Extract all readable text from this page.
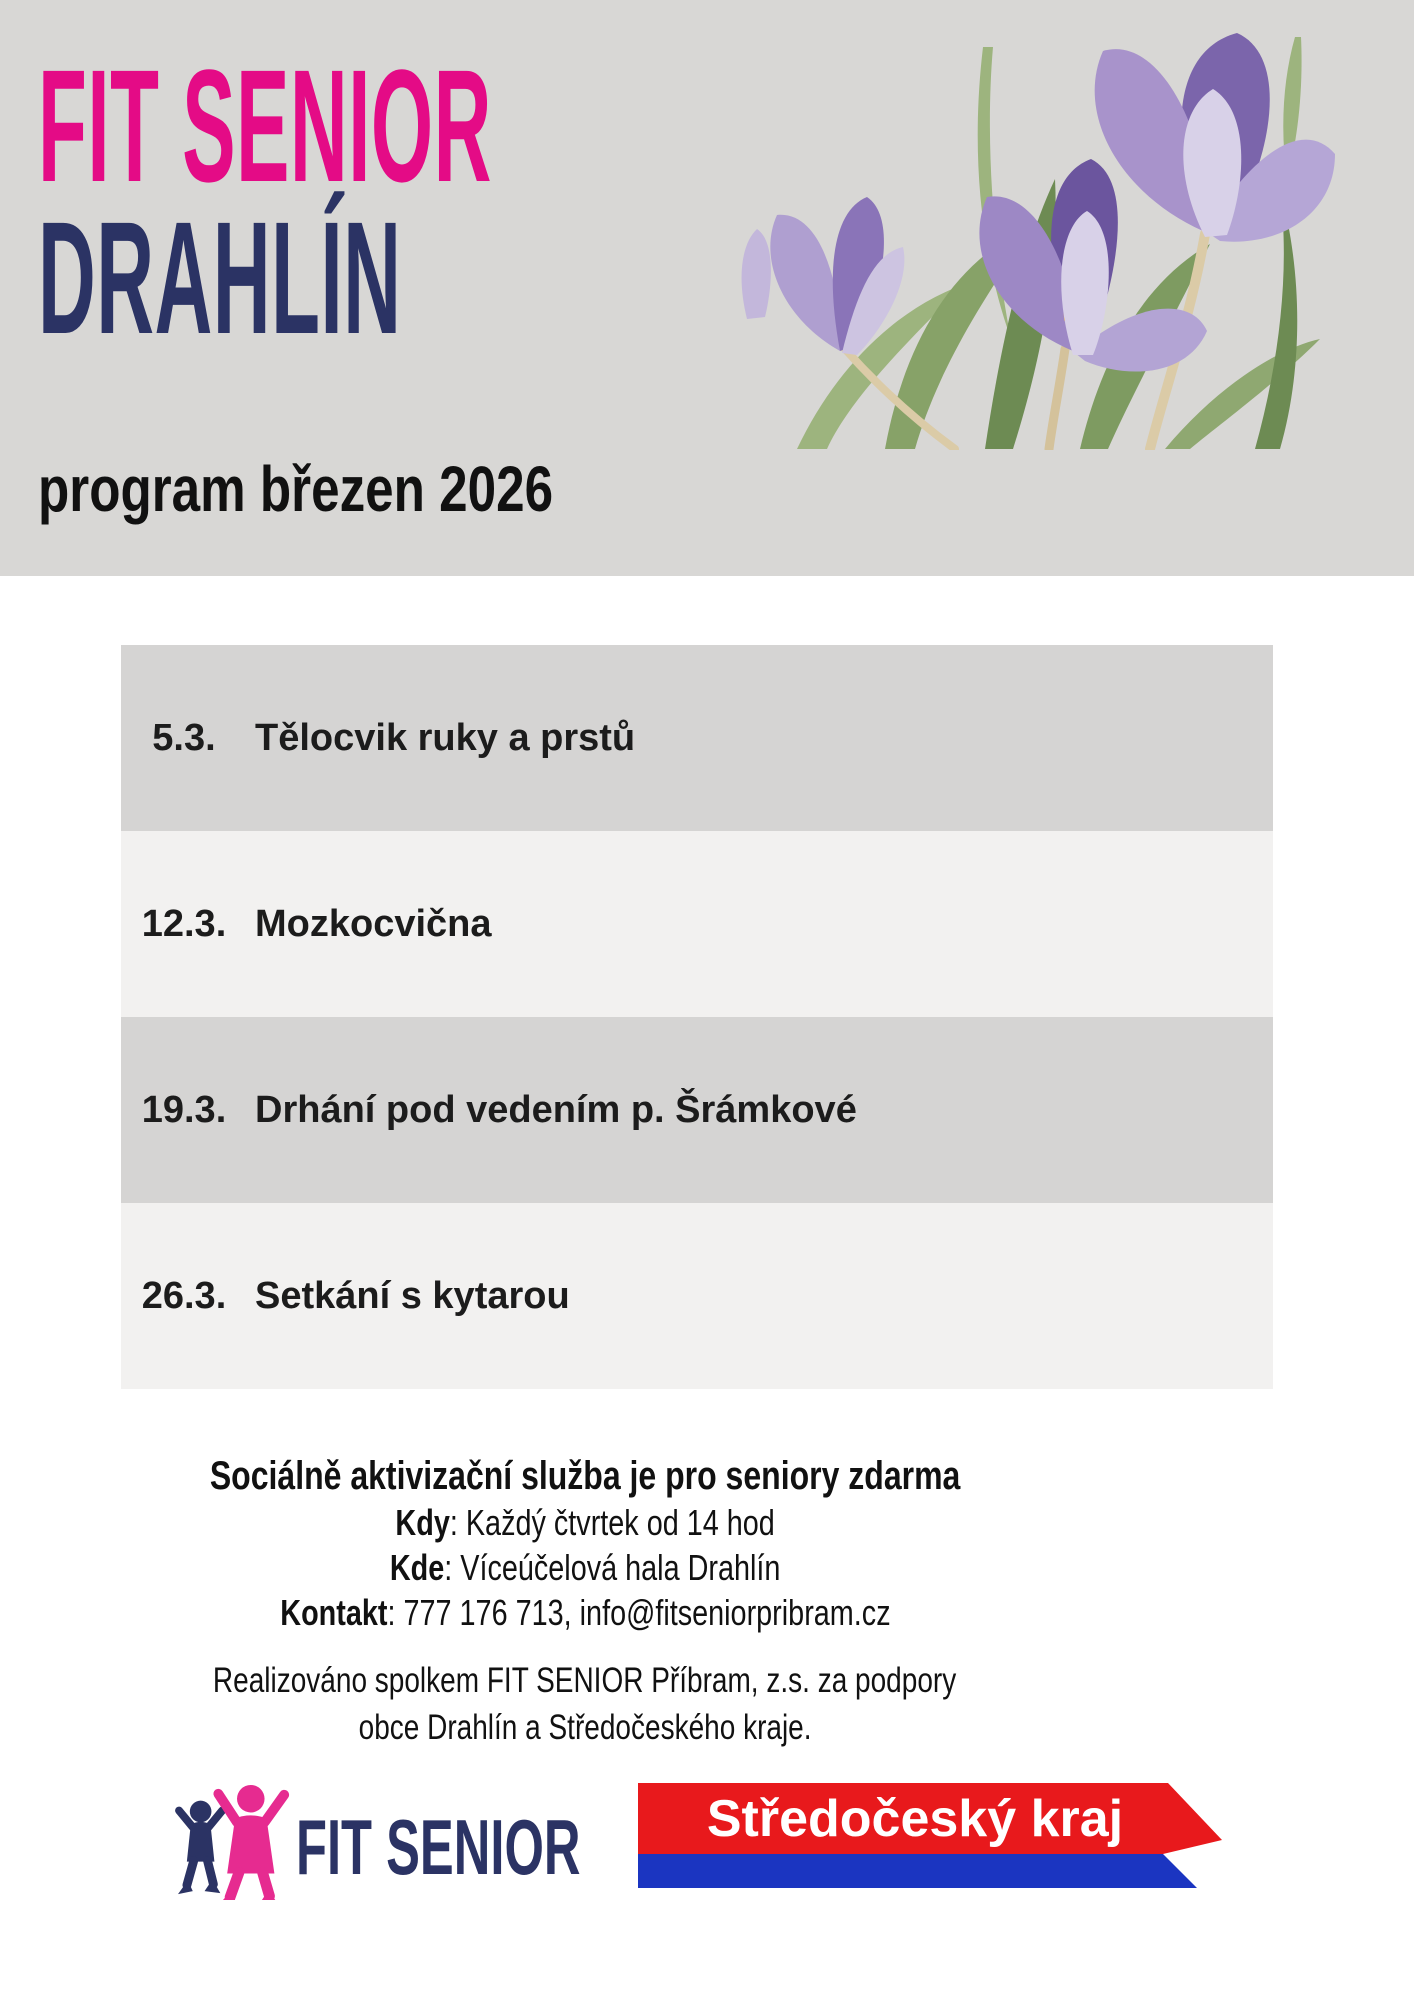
FIT SENIOR
DRAHLÍN
program březen 2026
5.3.	Tělocvik ruky a prstů
12.3. Mozkocvična
19.3. Drhání pod vedením p. Šrámkové
26.3. Setkání s kytarou
Sociálně aktivizační služba je pro seniory zdarma
Kdy: Každý čtvrtek od 14 hod
Kde: Víceúčelová hala Drahlín
Kontakt: 777 176 713, info@fitseniorpribram.cz
Realizováno spolkem FIT SENIOR Příbram, z.s. za podpory
obce Drahlín a Středočeského kraje.
FIT SENIOR Středočeský kraj
